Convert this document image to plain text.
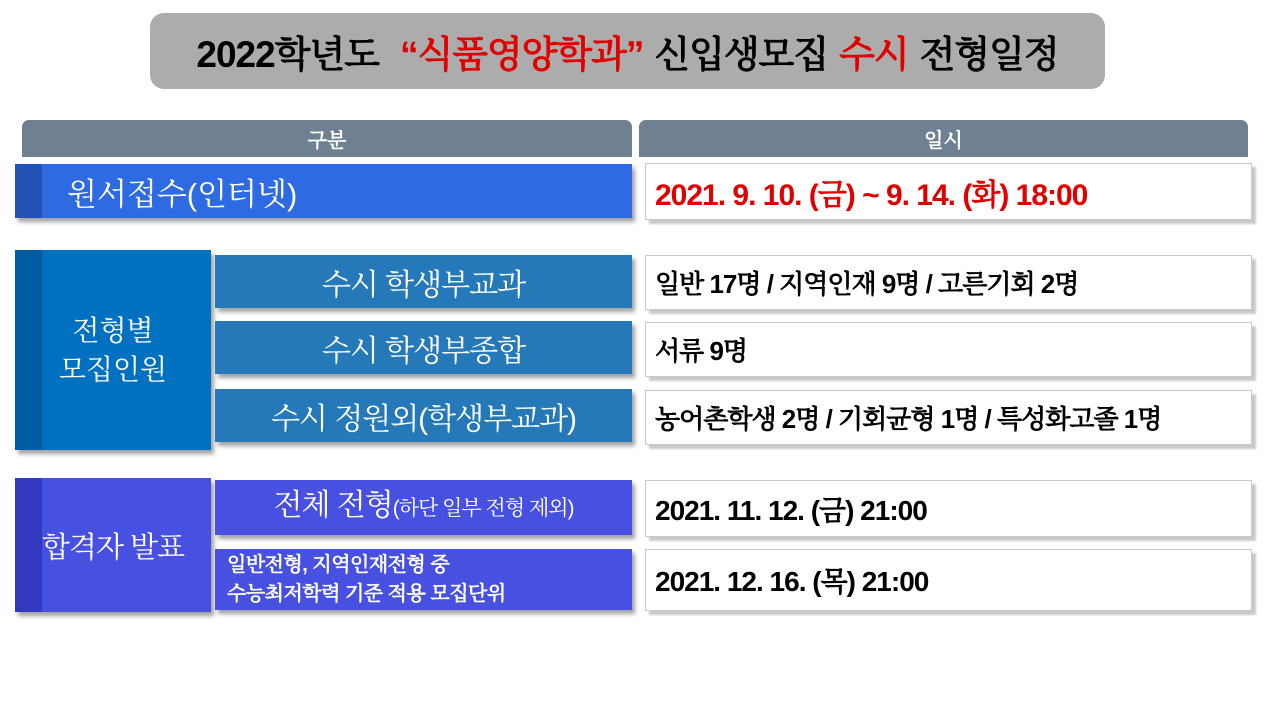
2022학년도 “식품영양학과” 신입생모집 수시 전형일정
구분	일시
원서접수(인터넷)	2021. 9. 10. (금) ~ 9. 14. (화) 18:00
전형별
모집인원
수시 학생부교과
수시 학생부종합
수시 정원외(학생부교과)
일반 17명 / 지역인재 9명 / 고른기회 2명
서류 9명
농어촌학생 2명 / 기회균형 1명 / 특성화고졸 1명
합격자 발표
전체 전형 (하단 일부 전형 제외)
일반전형, 지역인재전형 중
수능최저학력 기준 적용 모집단위
2021. 11. 12. (금) 21:00
2021. 12. 16. (목) 21:00
